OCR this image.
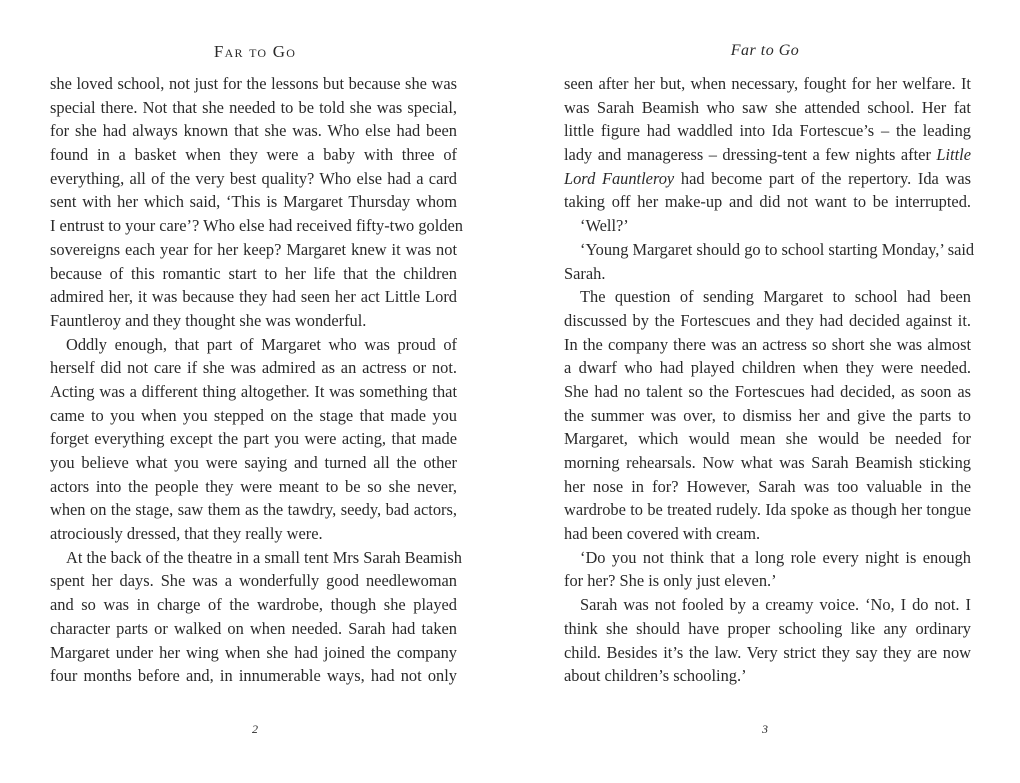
Far to Go
she loved school, not just for the lessons but because she was
special there. Not that she needed to be told she was special,
for she had always known that she was. Who else had been
found in a basket when they were a baby with three of
everything, all of the very best quality? Who else had a card
sent with her which said, ‘This is Margaret Thursday whom
I entrust to your care’? Who else had received fifty-two golden
sovereigns each year for her keep? Margaret knew it was not
because of this romantic start to her life that the children
admired her, it was because they had seen her act Little Lord
Fauntleroy and they thought she was wonderful.
Oddly enough, that part of Margaret who was proud of
herself did not care if she was admired as an actress or not.
Acting was a different thing altogether. It was something that
came to you when you stepped on the stage that made you
forget everything except the part you were acting, that made
you believe what you were saying and turned all the other
actors into the people they were meant to be so she never,
when on the stage, saw them as the tawdry, seedy, bad actors,
atrociously dressed, that they really were.
At the back of the theatre in a small tent Mrs Sarah Beamish
spent her days. She was a wonderfully good needlewoman
and so was in charge of the wardrobe, though she played
character parts or walked on when needed. Sarah had taken
Margaret under her wing when she had joined the company
four months before and, in innumerable ways, had not only
2
Far to Go
seen after her but, when necessary, fought for her welfare. It
was Sarah Beamish who saw she attended school. Her fat
little figure had waddled into Ida Fortescue’s – the leading
lady and manageress – dressing-tent a few nights after Little
Lord Fauntleroy had become part of the repertory. Ida was
taking off her make-up and did not want to be interrupted.
‘Well?’
‘Young Margaret should go to school starting Monday,’ said
Sarah.
The question of sending Margaret to school had been
discussed by the Fortescues and they had decided against it.
In the company there was an actress so short she was almost
a dwarf who had played children when they were needed.
She had no talent so the Fortescues had decided, as soon as
the summer was over, to dismiss her and give the parts to
Margaret, which would mean she would be needed for
morning rehearsals. Now what was Sarah Beamish sticking
her nose in for? However, Sarah was too valuable in the
wardrobe to be treated rudely. Ida spoke as though her tongue
had been covered with cream.
‘Do you not think that a long role every night is enough
for her? She is only just eleven.’
Sarah was not fooled by a creamy voice. ‘No, I do not. I
think she should have proper schooling like any ordinary
child. Besides it’s the law. Very strict they say they are now
about children’s schooling.’
3
